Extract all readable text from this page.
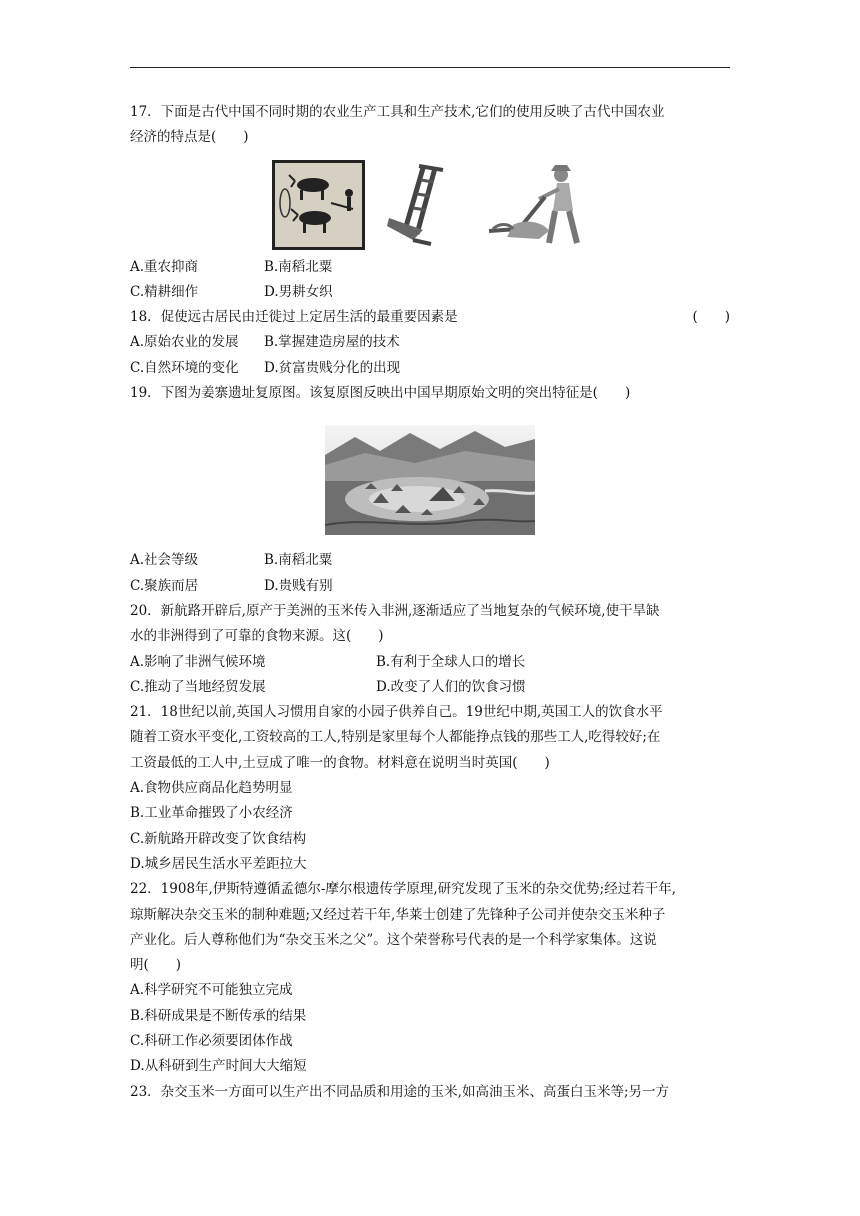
17．下面是古代中国不同时期的农业生产工具和生产技术,它们的使用反映了古代中国农业
经济的特点是(　　)
A.重农抑商	B.南稻北粟
C.精耕细作	D.男耕女织
18．促使远古居民由迁徙过上定居生活的最重要因素是	(　　)
A.原始农业的发展	B.掌握建造房屋的技术
C.自然环境的变化	D.贫富贵贱分化的出现
19．下图为姜寨遗址复原图。该复原图反映出中国早期原始文明的突出特征是(　　)
A.社会等级	B.南稻北粟
C.聚族而居	D.贵贱有别
20．新航路开辟后,原产于美洲的玉米传入非洲,逐渐适应了当地复杂的气候环境,使干旱缺
水的非洲得到了可靠的食物来源。这(　　)
A.影响了非洲气候环境	B.有利于全球人口的增长
C.推动了当地经贸发展	D.改变了人们的饮食习惯
21．18世纪以前,英国人习惯用自家的小园子供养自己。19世纪中期,英国工人的饮食水平
随着工资水平变化,工资较高的工人,特别是家里每个人都能挣点钱的那些工人,吃得较好;在
工资最低的工人中,土豆成了唯一的食物。材料意在说明当时英国(　　)
A.食物供应商品化趋势明显
B.工业革命摧毁了小农经济
C.新航路开辟改变了饮食结构
D.城乡居民生活水平差距拉大
22．1908年,伊斯特遵循孟德尔-摩尔根遗传学原理,研究发现了玉米的杂交优势;经过若干年,
琼斯解决杂交玉米的制种难题;又经过若干年,华莱士创建了先锋种子公司并使杂交玉米种子
产业化。后人尊称他们为“杂交玉米之父”。这个荣誉称号代表的是一个科学家集体。这说
明(　　)
A.科学研究不可能独立完成
B.科研成果是不断传承的结果
C.科研工作必须要团体作战
D.从科研到生产时间大大缩短
23．杂交玉米一方面可以生产出不同品质和用途的玉米,如高油玉米、高蛋白玉米等;另一方
